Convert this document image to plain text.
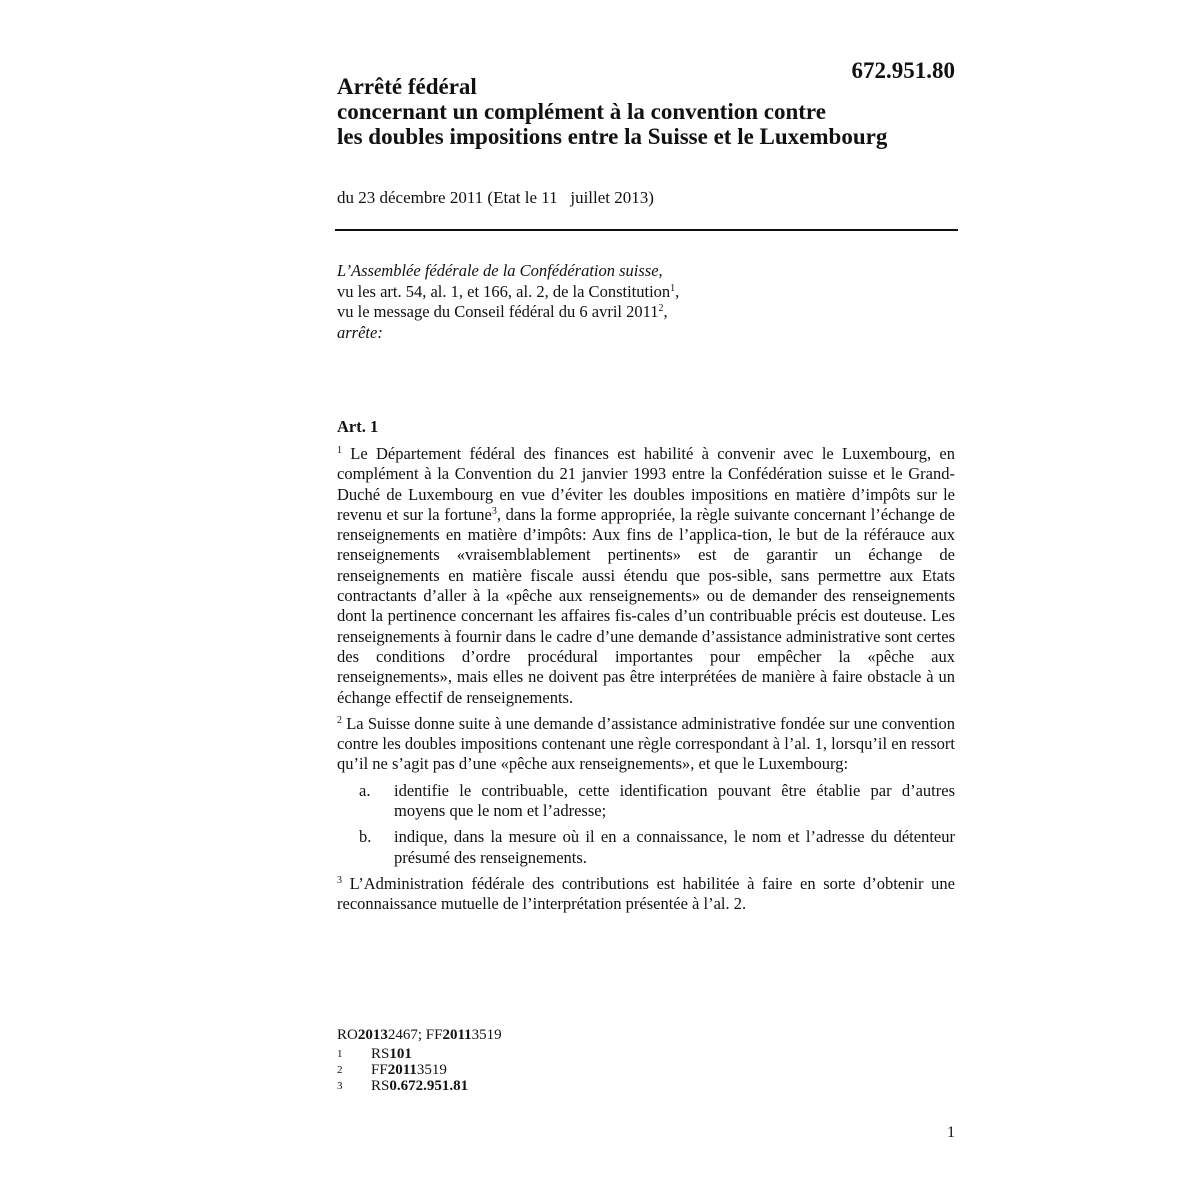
672.951.80
Arrêté fédéral
concernant un complément à la convention contre
les doubles impositions entre la Suisse et le Luxembourg
du 23 décembre 2011 (Etat le 11   juillet 2013)
L’Assemblée fédérale de la Confédération suisse,
vu les art. 54, al. 1, et 166, al. 2, de la Constitution$^1$,
vu le message du Conseil fédéral du 6 avril 2011$^2$,
arrête:
Art. 1

$^1$ Le Département fédéral des finances est habilité à convenir avec le Luxembourg, en complément à la Convention du 21 janvier 1993 entre la Confédération suisse et le Grand-Duché de Luxembourg en vue d’éviter les doubles impositions en matière d’impôts sur le revenu et sur la fortune$^3$, dans la forme appropriée, la règle suivante concernant l’échange de renseignements en matière d’impôts: Aux fins de l’applica-tion, le but de la référauce aux renseignements «vraisemblablement pertinents» est de garantir un échange de renseignements en matière fiscale aussi étendu que pos-sible, sans permettre aux Etats contractants d’aller à la «pêche aux renseignements» ou de demander des renseignements dont la pertinence concernant les affaires fis-cales d’un contribuable précis est douteuse. Les renseignements à fournir dans le cadre d’une demande d’assistance administrative sont certes des conditions d’ordre procédural importantes pour empêcher la «pêche aux renseignements», mais elles ne doivent pas être interprétées de manière à faire obstacle à un échange effectif de renseignements.

$^2$ La Suisse donne suite à une demande d’assistance administrative fondée sur une convention contre les doubles impositions contenant une règle correspondant à l’al. 1, lorsqu’il en ressort qu’il ne s’agit pas d’une «pêche aux renseignements», et que le Luxembourg:

a.	identifie le contribuable, cette identification pouvant être établie par d’autres moyens que le nom et l’adresse;
b.	indique, dans la mesure où il en a connaissance, le nom et l’adresse du détenteur présumé des renseignements.

$^3$ L’Administration fédérale des contributions est habilitée à faire en sorte d’obtenir une reconnaissance mutuelle de l’interprétation présentée à l’al. 2.

RO 2013 2467; FF 2011 3519
1	RS 101
2	FF 2011 3519
3	RS 0.672.951.81
1
